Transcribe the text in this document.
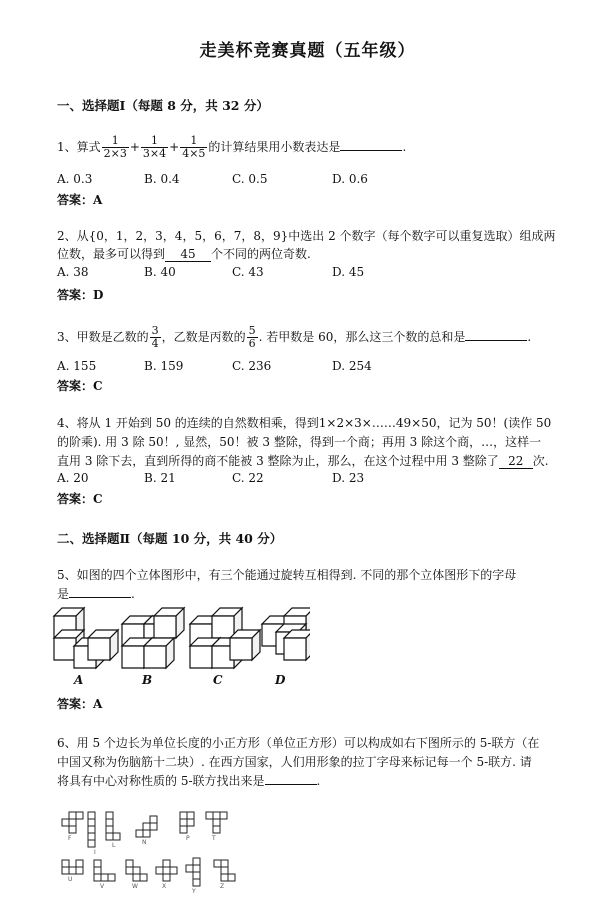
走美杯竞赛真题（五年级）
一、选择题Ⅰ（每题 8 分，共 32 分）
1、算式 $\frac{1}{2\times 3} + \frac{1}{3\times 4} + \frac{1}{4\times 5}$ 的计算结果用小数表达是	.
A. 0.3	B. 0.4	C. 0.5	D. 0.6
答案：A
2、从{0，1，2，3，4，5，6，7，8，9}中选出 2 个数字（每个数字可以重复选取）组成两
位数，最多可以得到 45 个不同的两位奇数.
A. 38	B. 40	C. 43	D. 45
答案：D
3、甲数是乙数的 $\frac{3}{4}$ ，乙数是丙数的 $\frac{5}{6}$ . 若甲数是 60，那么这三个数的总和是	.
A. 155	B. 159	C. 236	D. 254
答案：C
4、将从 1 开始到 50 的连续的自然数相乘，得到1×2×3×……49×50，记为 50！(读作 50
的阶乘). 用 3 除 50！, 显然，50！被 3 整除，得到一个商；再用 3 除这个商，…，这样一
直用 3 除下去，直到所得的商不能被 3 整除为止，那么，在这个过程中用 3 整除了 22 次.
A. 20	B. 21	C. 22	D. 23
答案：C
二、选择题Ⅱ（每题 10 分，共 40 分）
5、如图的四个立体图形中，有三个能通过旋转互相得到. 不同的那个立体图形下的字母
是	.
A	B	C	D
答案：A
6、用 5 个边长为单位长度的小正方形（单位正方形）可以构成如右下图所示的 5-联方（在
中国又称为伤脑筋十二块）. 在西方国家，人们用形象的拉丁字母来标记每一个 5-联方. 请
将具有中心对称性质的 5-联方找出来是	.
F
I
L	N
P	T
U
V	W	X
Y
Z
